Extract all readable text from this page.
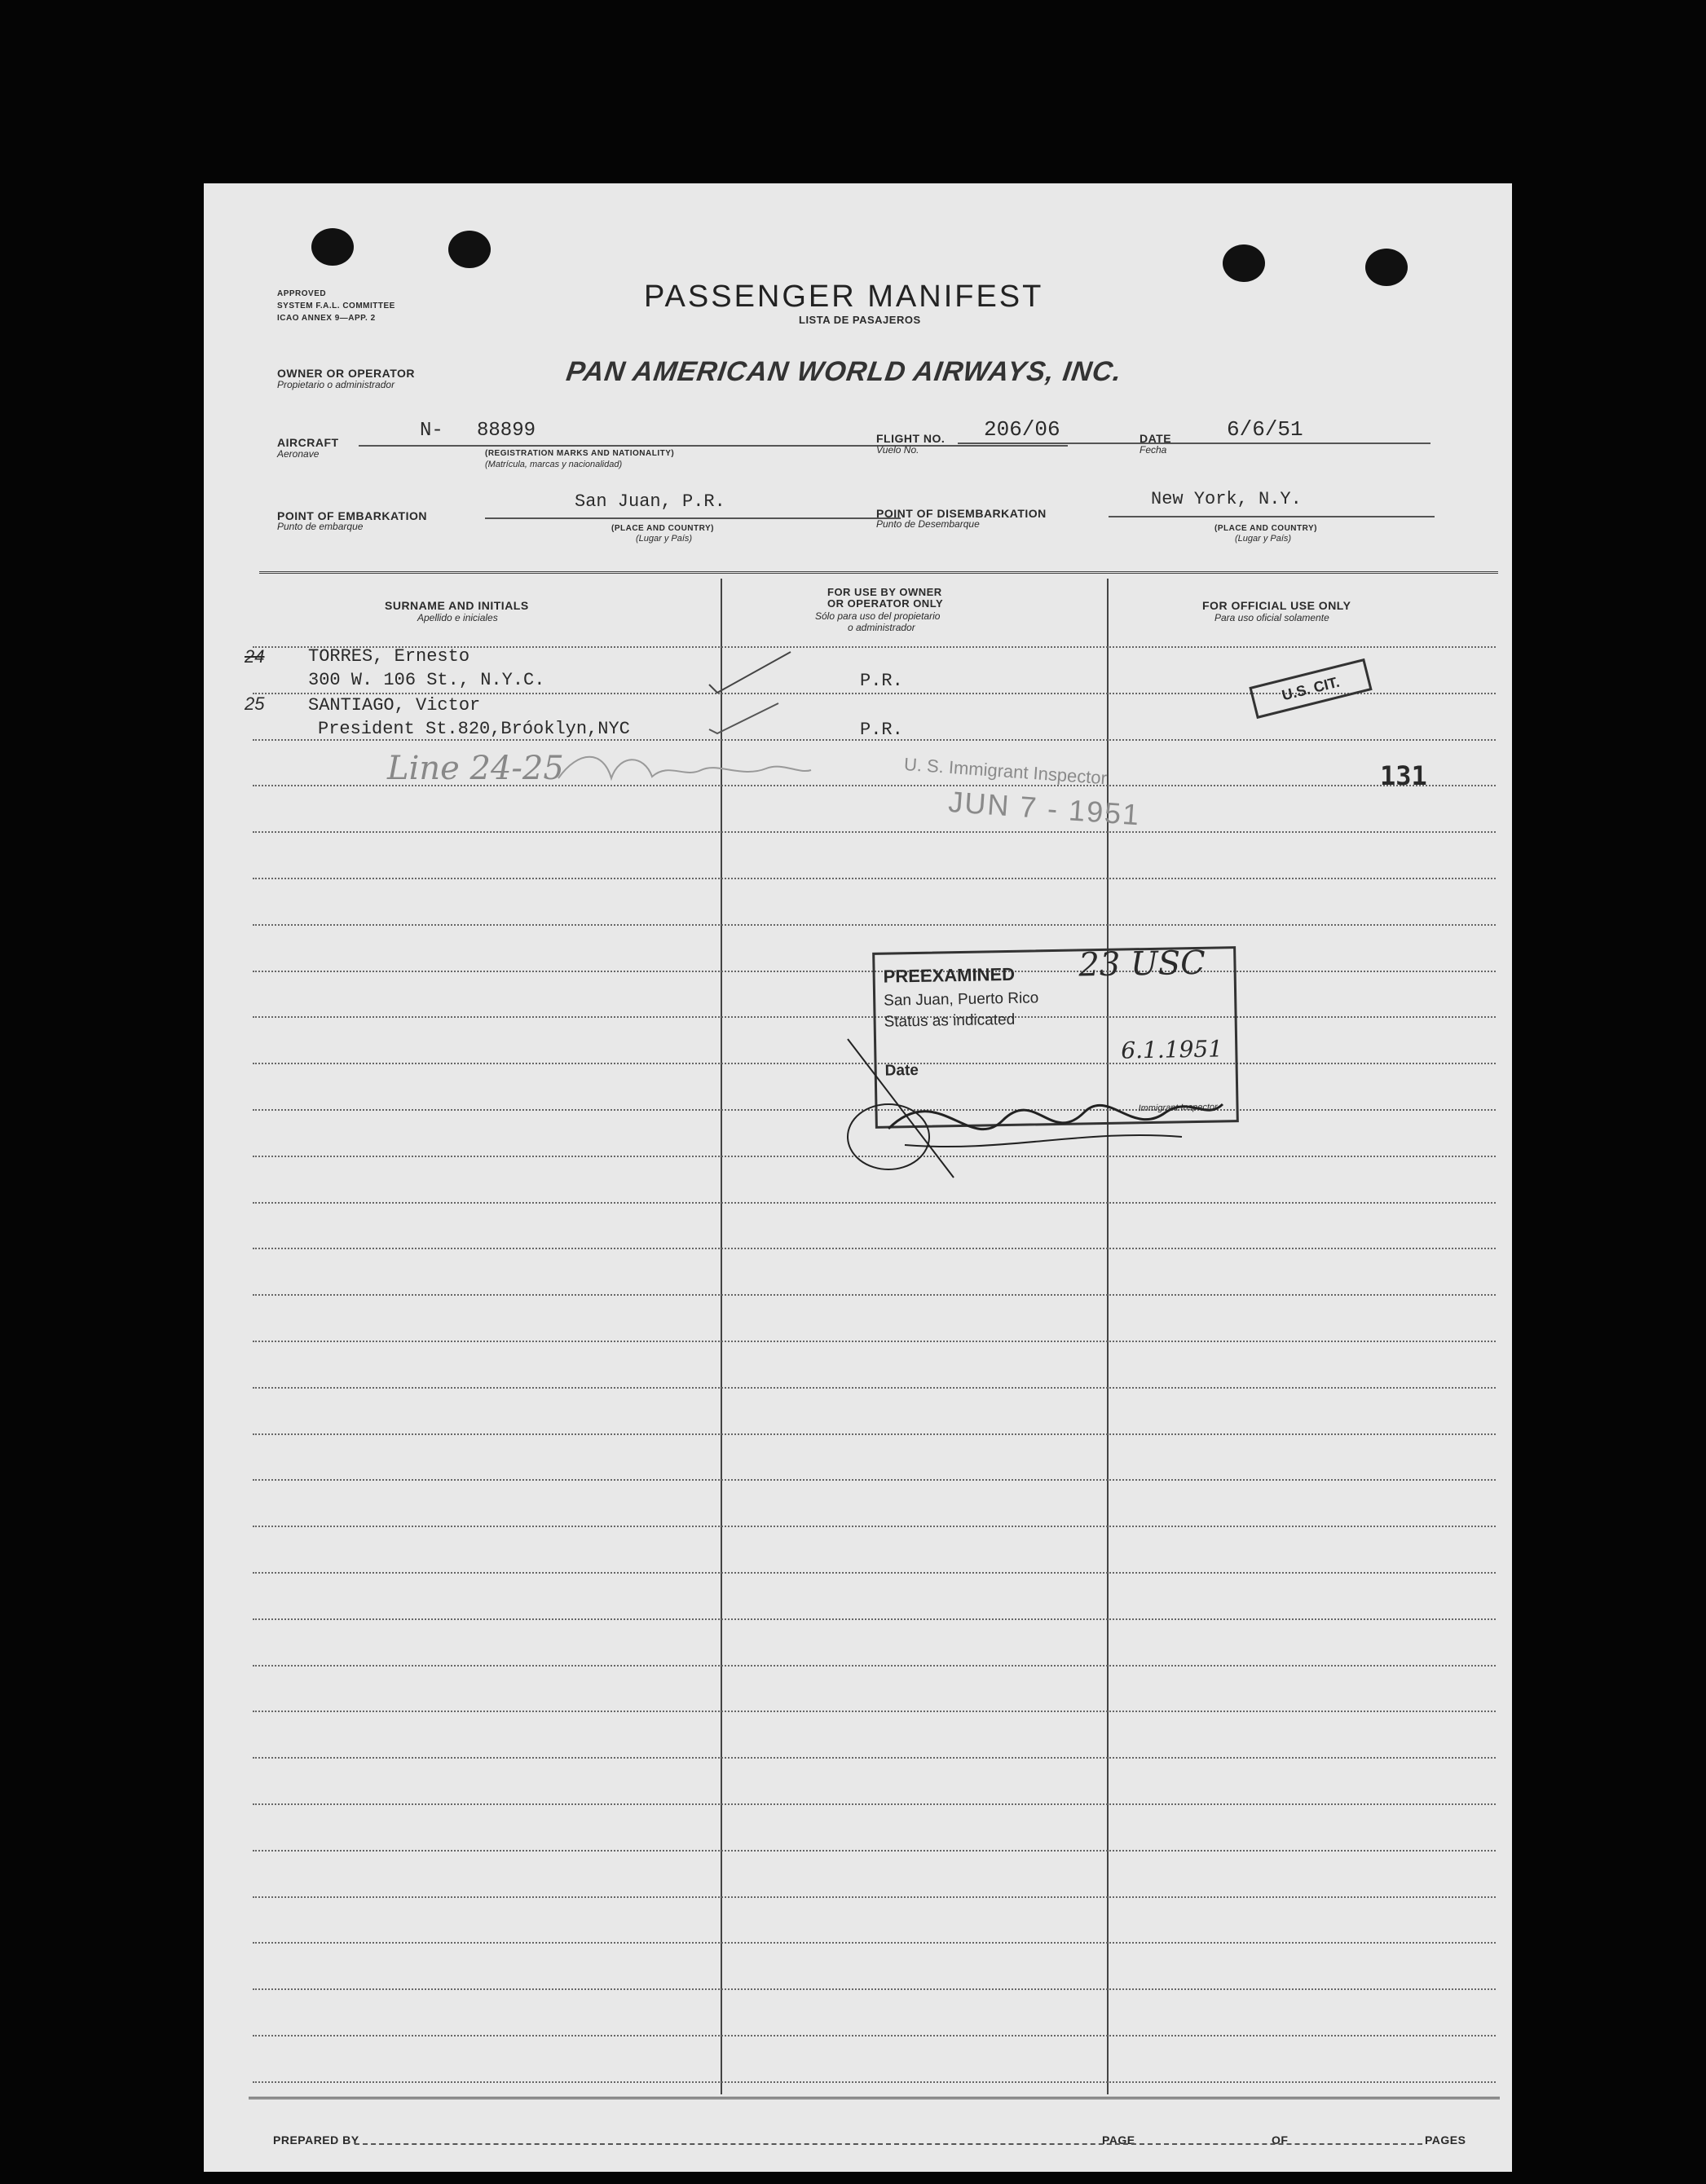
APPROVED
SYSTEM F.A.L. COMMITTEE
ICAO ANNEX 9—APP. 2
PASSENGER MANIFEST
LISTA DE PASAJEROS
OWNER OR OPERATOR
Propietario o administrador	PAN AMERICAN WORLD AIRWAYS, INC.
AIRCRAFT
Aeronave
N- 88899
(REGISTRATION MARKS AND NATIONALITY)
(Matrícula, marcas y nacionalidad)
FLIGHT NO.
Vuelo No.
206/06	DATE
Fecha
6/6/51
POINT OF EMBARKATION
Punto de embarque
San Juan, P.R.
(PLACE AND COUNTRY)
(Lugar y País)
POINT OF DISEMBARKATION
Punto de Desembarque
New York, N.Y.
(PLACE AND COUNTRY)
(Lugar y País)
SURNAME AND INITIALS
Apellido e iniciales
FOR USE BY OWNER
OR OPERATOR ONLY
Sólo para uso del propietario
o administrador
FOR OFFICIAL USE ONLY
Para uso oficial solamente
24 TORRES, Ernesto
300 W. 106 St., N.Y.C.	P.R.
25 SANTIAGO, Victor
President St.820,Bróoklyn,NYC	P.R.
Line 24-25	131
U.S. CIT.
U. S. Immigrant Inspector
JUN 7 - 1951
PREEXAMINED 23 USC
San Juan, Puerto Rico
Status as indicated
Date
6.1.1951
Immigrant Inspector
PREPARED BY	PAGE	OF	PAGES
